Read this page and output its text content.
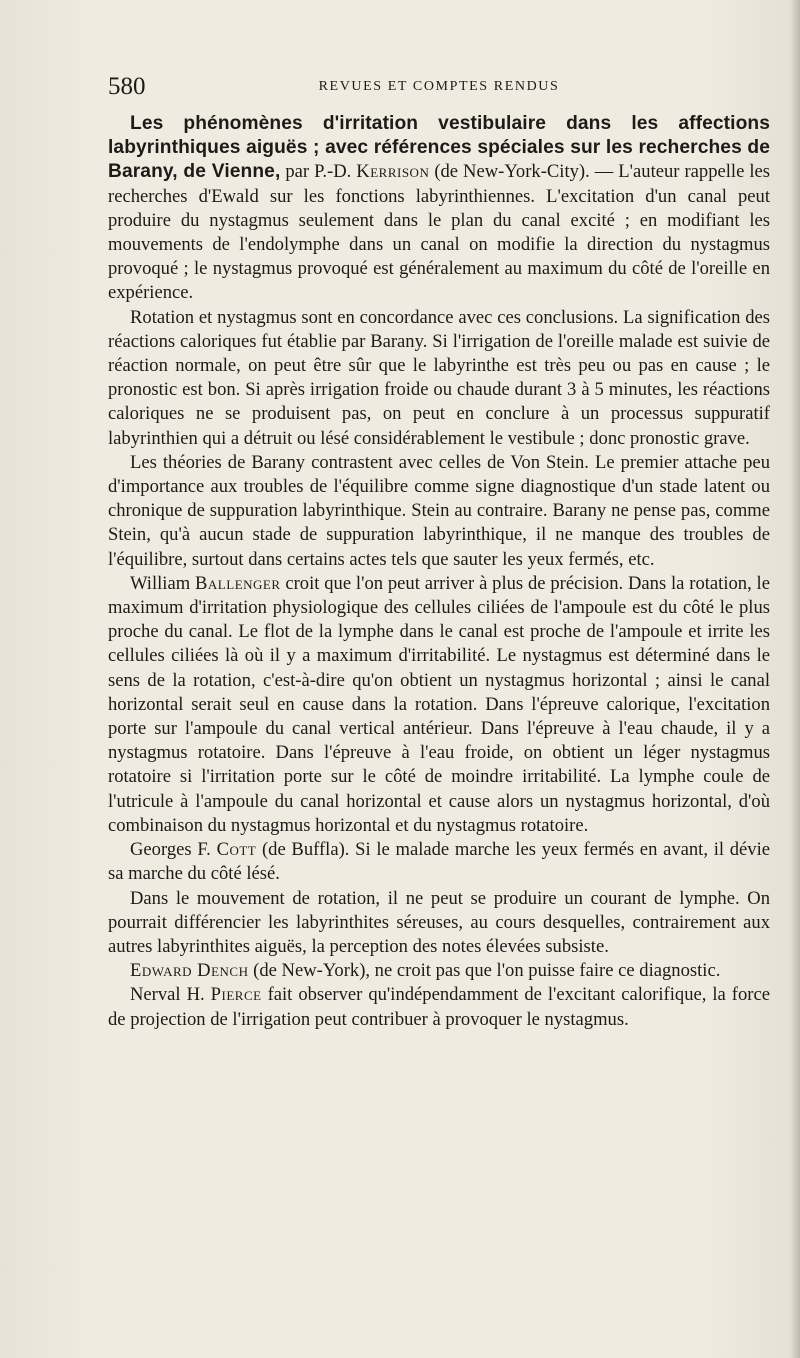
580	REVUES ET COMPTES RENDUS

Les phénomènes d'irritation vestibulaire dans les affections labyrinthiques aiguës ; avec références spéciales sur les recherches de Barany, de Vienne, par P.-D. Kerrison (de New-York-City). — L'auteur rappelle les recherches d'Ewald sur les fonctions labyrinthiennes. L'excitation d'un canal peut produire du nystagmus seulement dans le plan du canal excité ; en modifiant les mouvements de l'endolymphe dans un canal on modifie la direction du nystagmus provoqué ; le nystagmus provoqué est généralement au maximum du côté de l'oreille en expérience.

Rotation et nystagmus sont en concordance avec ces conclusions. La signification des réactions caloriques fut établie par Barany. Si l'irrigation de l'oreille malade est suivie de réaction normale, on peut être sûr que le labyrinthe est très peu ou pas en cause ; le pronostic est bon. Si après irrigation froide ou chaude durant 3 à 5 minutes, les réactions caloriques ne se produisent pas, on peut en conclure à un processus suppuratif labyrinthien qui a détruit ou lésé considérablement le vestibule ; donc pronostic grave.

Les théories de Barany contrastent avec celles de Von Stein. Le premier attache peu d'importance aux troubles de l'équilibre comme signe diagnostique d'un stade latent ou chronique de suppuration labyrinthique. Stein au contraire. Barany ne pense pas, comme Stein, qu'à aucun stade de suppuration labyrinthique, il ne manque des troubles de l'équilibre, surtout dans certains actes tels que sauter les yeux fermés, etc.

William Ballenger croit que l'on peut arriver à plus de précision. Dans la rotation, le maximum d'irritation physiologique des cellules ciliées de l'ampoule est du côté le plus proche du canal. Le flot de la lymphe dans le canal est proche de l'ampoule et irrite les cellules ciliées là où il y a maximum d'irritabilité. Le nystagmus est déterminé dans le sens de la rotation, c'est-à-dire qu'on obtient un nystagmus horizontal ; ainsi le canal horizontal serait seul en cause dans la rotation. Dans l'épreuve calorique, l'excitation porte sur l'ampoule du canal vertical antérieur. Dans l'épreuve à l'eau chaude, il y a nystagmus rotatoire. Dans l'épreuve à l'eau froide, on obtient un léger nystagmus rotatoire si l'irritation porte sur le côté de moindre irritabilité. La lymphe coule de l'utricule à l'ampoule du canal horizontal et cause alors un nystagmus horizontal, d'où combinaison du nystagmus horizontal et du nystagmus rotatoire.

Georges F. Cott (de Buffla). Si le malade marche les yeux fermés en avant, il dévie sa marche du côté lésé.

Dans le mouvement de rotation, il ne peut se produire un courant de lymphe. On pourrait différencier les labyrinthites séreuses, au cours desquelles, contrairement aux autres labyrinthites aiguës, la perception des notes élevées subsiste.

Edward Dench (de New-York), ne croit pas que l'on puisse faire ce diagnostic.

Nerval H. Pierce fait observer qu'indépendamment de l'excitant calorifique, la force de projection de l'irrigation peut contribuer à provoquer le nystagmus.
